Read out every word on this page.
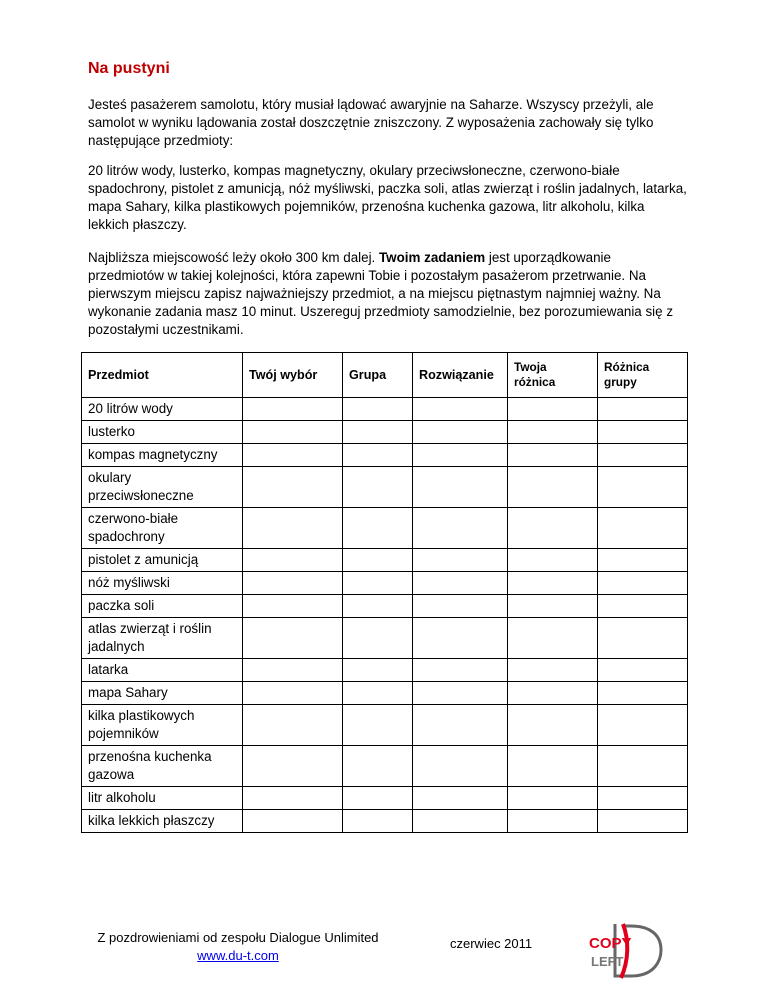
Na pustyni

Jesteś pasażerem samolotu, który musiał lądować awaryjnie na Saharze. Wszyscy przeżyli, ale samolot w wyniku lądowania został doszczętnie zniszczony. Z wyposażenia zachowały się tylko następujące przedmioty:

20 litrów wody, lusterko, kompas magnetyczny, okulary przeciwsłoneczne, czerwono-białe spadochrony, pistolet z amunicją, nóż myśliwski, paczka soli, atlas zwierząt i roślin jadalnych, latarka, mapa Sahary, kilka plastikowych pojemników, przenośna kuchenka gazowa, litr alkoholu, kilka lekkich płaszczy.

Najbliższa miejscowość leży około 300 km dalej. Twoim zadaniem jest uporządkowanie przedmiotów w takiej kolejności, która zapewni Tobie i pozostałym pasażerom przetrwanie. Na pierwszym miejscu zapisz najważniejszy przedmiot, a na miejscu piętnastym najmniej ważny. Na wykonanie zadania masz 10 minut. Uszereguj przedmioty samodzielnie, bez porozumiewania się z pozostałymi uczestnikami.

Przedmiot	Twój wybór	Grupa	Rozwiązanie	Twoja różnica	Różnica grupy
20 litrów wody					
lusterko					
kompas magnetyczny					
okulary przeciwsłoneczne					
czerwono-białe spadochrony					
pistolet z amunicją					
nóż myśliwski					
paczka soli					
atlas zwierząt i roślin jadalnych					
latarka					
mapa Sahary					
kilka plastikowych pojemników					
przenośna kuchenka gazowa					
litr alkoholu					
kilka lekkich płaszczy					
Z pozdrowieniami od zespołu Dialogue Unlimited
www.du-t.com
czerwiec 2011	COPY
LEFT
